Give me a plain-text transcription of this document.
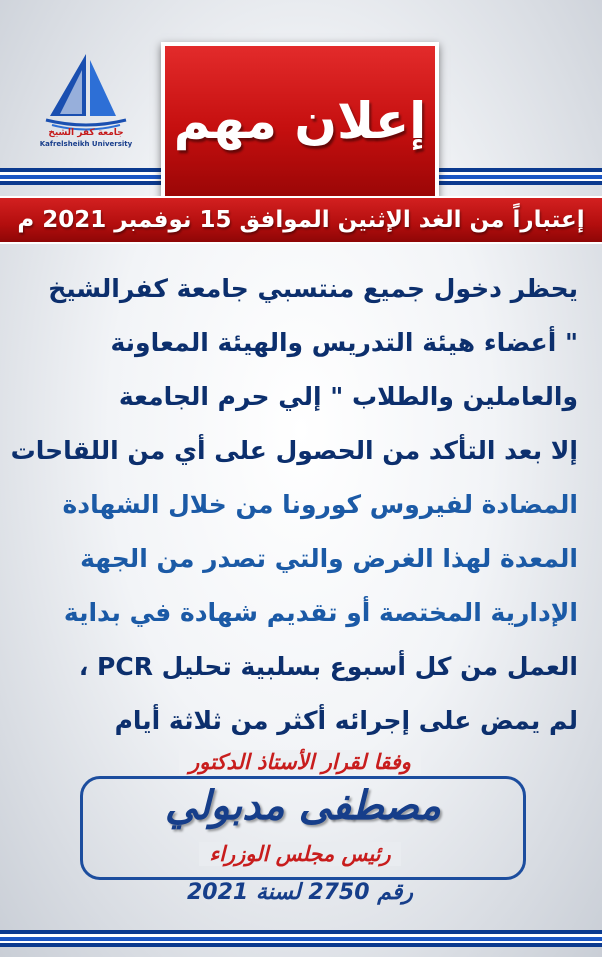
جامعة كفر الشيخ
Kafrelsheikh University إعلان مهم
إعتباراً من الغد الإثنين الموافق 15 نوفمبر 2021 م
يحظر دخول جميع منتسبي جامعة كفرالشيخ
" أعضاء هيئة التدريس والهيئة المعاونة
والعاملين والطلاب " إلي حرم الجامعة
إلا بعد التأكد من الحصول على أي من اللقاحات
المضادة لفيروس كورونا من خلال الشهادة
المعدة لهذا الغرض والتي تصدر من الجهة
الإدارية المختصة أو تقديم شهادة في بداية
العمل من كل أسبوع بسلبية تحليل PCR ،
لم يمض على إجرائه أكثر من ثلاثة أيام
وفقا لقرار الأستاذ الدكتور
مصطفى مدبولي
رئيس مجلس الوزراء
رقم 2750 لسنة 2021
